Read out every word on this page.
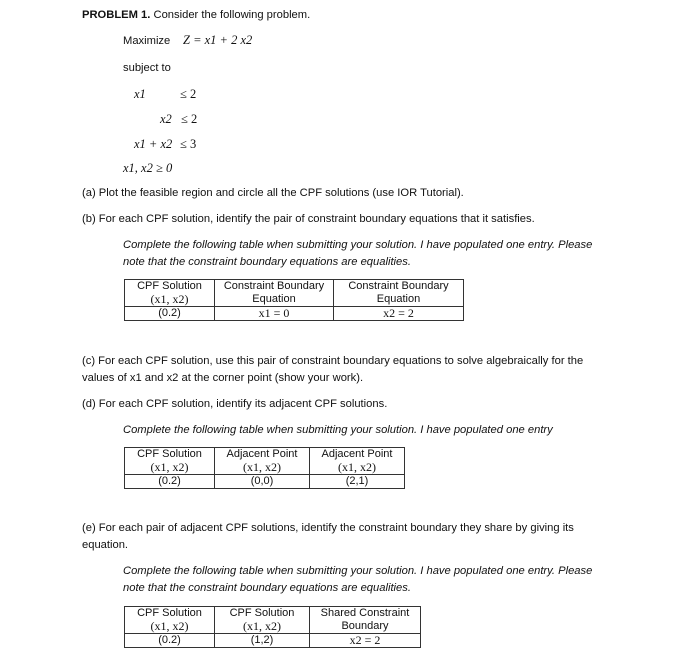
PROBLEM 1. Consider the following problem.
Maximize Z = x1 + 2 x2
subject to
x1	≤ 2
x2 ≤ 2
x1 + x2 ≤ 3
x1, x2 ≥ 0
(a) Plot the feasible region and circle all the CPF solutions (use IOR Tutorial).
(b) For each CPF solution, identify the pair of constraint boundary equations that it satisfies.
Complete the following table when submitting your solution. I have populated one entry. Please
note that the constraint boundary equations are equalities.
CPF Solution	Constraint Boundary	Constraint Boundary
(x1, x2)	Equation	Equation
(0.2)	x1 = 0	x2 = 2
(c) For each CPF solution, use this pair of constraint boundary equations to solve algebraically for the
values of x1 and x2 at the corner point (show your work).
(d) For each CPF solution, identify its adjacent CPF solutions.
Complete the following table when submitting your solution. I have populated one entry
CPF Solution	Adjacent Point	Adjacent Point
(x1, x2)	(x1, x2)	(x1, x2)
(0.2)	(0,0)	(2,1)
(e) For each pair of adjacent CPF solutions, identify the constraint boundary they share by giving its
equation.
Complete the following table when submitting your solution. I have populated one entry. Please
note that the constraint boundary equations are equalities.
CPF Solution	CPF Solution	Shared Constraint
(x1, x2)	(x1, x2)	Boundary
(0.2)	(1,2)	x2 = 2
